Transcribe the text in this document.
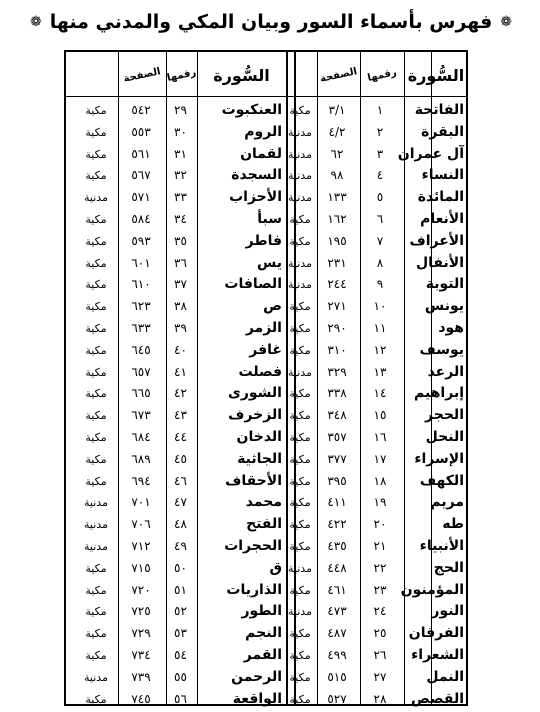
❁ فهرس بأسماء السور وبيان المكي والمدني منها ❁
السُّورة
رقمها
الصفحة
السُّورة
رقمها
الصفحة
الفاتحة
١
٣/١
مكية
البقرة
٢
٤/٢
مدنية
آل عمران
٣
٦٢
مدنية
النساء
٤
٩٨
مدنية
المائدة
٥
١٣٣
مدنية
الأنعام
٦
١٦٢
مكية
الأعراف
٧
١٩٥
مكية
الأنفال
٨
٢٣١
مدنية
التوبة
٩
٢٤٤
مدنية
يونس
١٠
٢٧١
مكية
هود
١١
٢٩٠
مكية
يوسف
١٢
٣١٠
مكية
الرعد
١٣
٣٢٩
مدنية
إبراهيم
١٤
٣٣٨
مكية
الحجر
١٥
٣٤٨
مكية
النحل
١٦
٣٥٧
مكية
الإسراء
١٧
٣٧٧
مكية
الكهف
١٨
٣٩٥
مكية
مريم
١٩
٤١١
مكية
طه
٢٠
٤٢٢
مكية
الأنبياء
٢١
٤٣٥
مكية
الحج
٢٢
٤٤٨
مدنية
المؤمنون
٢٣
٤٦١
مكية
النور
٢٤
٤٧٣
مدنية
الفرقان
٢٥
٤٨٧
مكية
الشعراء
٢٦
٤٩٩
مكية
النمل
٢٧
٥١٥
مكية
القصص
٢٨
٥٢٧
مكية
العنكبوت
٢٩
٥٤٢
مكية
الروم
٣٠
٥٥٣
مكية
لقمان
٣١
٥٦١
مكية
السجدة
٣٢
٥٦٧
مكية
الأحزاب
٣٣
٥٧١
مدنية
سبأ
٣٤
٥٨٤
مكية
فاطر
٣٥
٥٩٣
مكية
يس
٣٦
٦٠١
مكية
الصافات
٣٧
٦١٠
مكية
ص
٣٨
٦٢٣
مكية
الزمر
٣٩
٦٣٣
مكية
غافر
٤٠
٦٤٥
مكية
فصلت
٤١
٦٥٧
مكية
الشورى
٤٢
٦٦٥
مكية
الزخرف
٤٣
٦٧٣
مكية
الدخان
٤٤
٦٨٤
مكية
الجاثية
٤٥
٦٨٩
مكية
الأحقاف
٤٦
٦٩٤
مكية
محمد
٤٧
٧٠١
مدنية
الفتح
٤٨
٧٠٦
مدنية
الحجرات
٤٩
٧١٢
مدنية
ق
٥٠
٧١٥
مكية
الذاريات
٥١
٧٢٠
مكية
الطور
٥٢
٧٢٥
مكية
النجم
٥٣
٧٢٩
مكية
القمر
٥٤
٧٣٤
مكية
الرحمن
٥٥
٧٣٩
مدنية
الواقعة
٥٦
٧٤٥
مكية
